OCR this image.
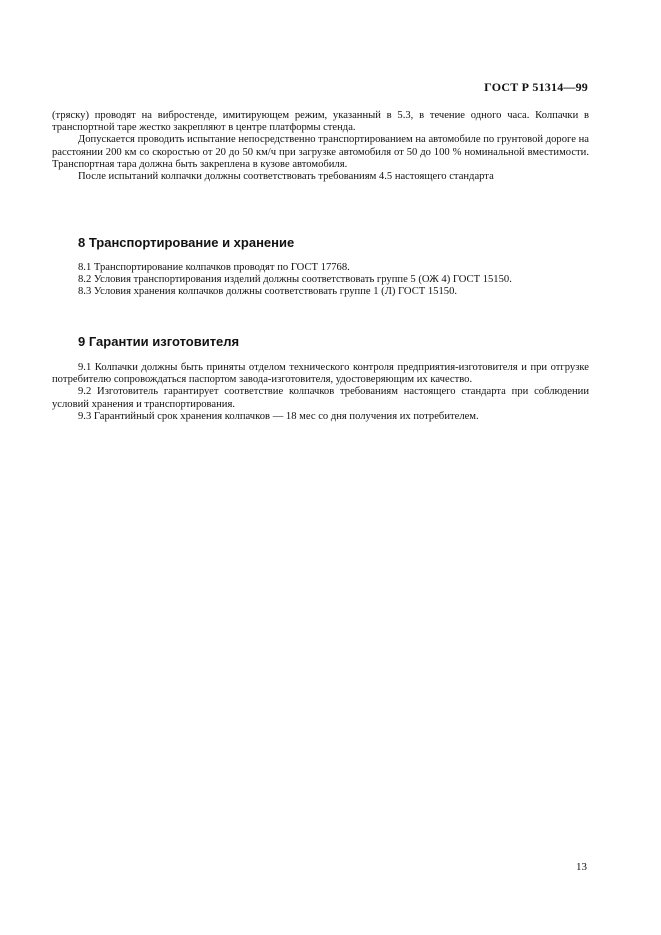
ГОСТ Р 51314—99

(тряску) проводят на вибростенде, имитирующем режим, указанный в 5.3, в течение одного часа. Колпачки в транспортной таре жестко закрепляют в центре платформы стенда.

Допускается проводить испытание непосредственно транспортированием на автомобиле по грунтовой дороге на расстоянии 200 км со скоростью от 20 до 50 км/ч при загрузке автомобиля от 50 до 100 % номинальной вместимости. Транспортная тара должна быть закреплена в кузове автомобиля.

После испытаний колпачки должны соответствовать требованиям 4.5 настоящего стандарта

8 Транспортирование и хранение

8.1 Транспортирование колпачков проводят по ГОСТ 17768.

8.2 Условия транспортирования изделий должны соответствовать группе 5 (ОЖ 4) ГОСТ 15150.

8.3 Условия хранения колпачков должны соответствовать группе 1 (Л) ГОСТ 15150.

9 Гарантии изготовителя

9.1 Колпачки должны быть приняты отделом технического контроля предприятия-изготовителя и при отгрузке потребителю сопровождаться паспортом завода-изготовителя, удостоверяющим их качество.

9.2 Изготовитель гарантирует соответствие колпачков требованиям настоящего стандарта при соблюдении условий хранения и транспортирования.

9.3 Гарантийный срок хранения колпачков — 18 мес со дня получения их потребителем.

13
